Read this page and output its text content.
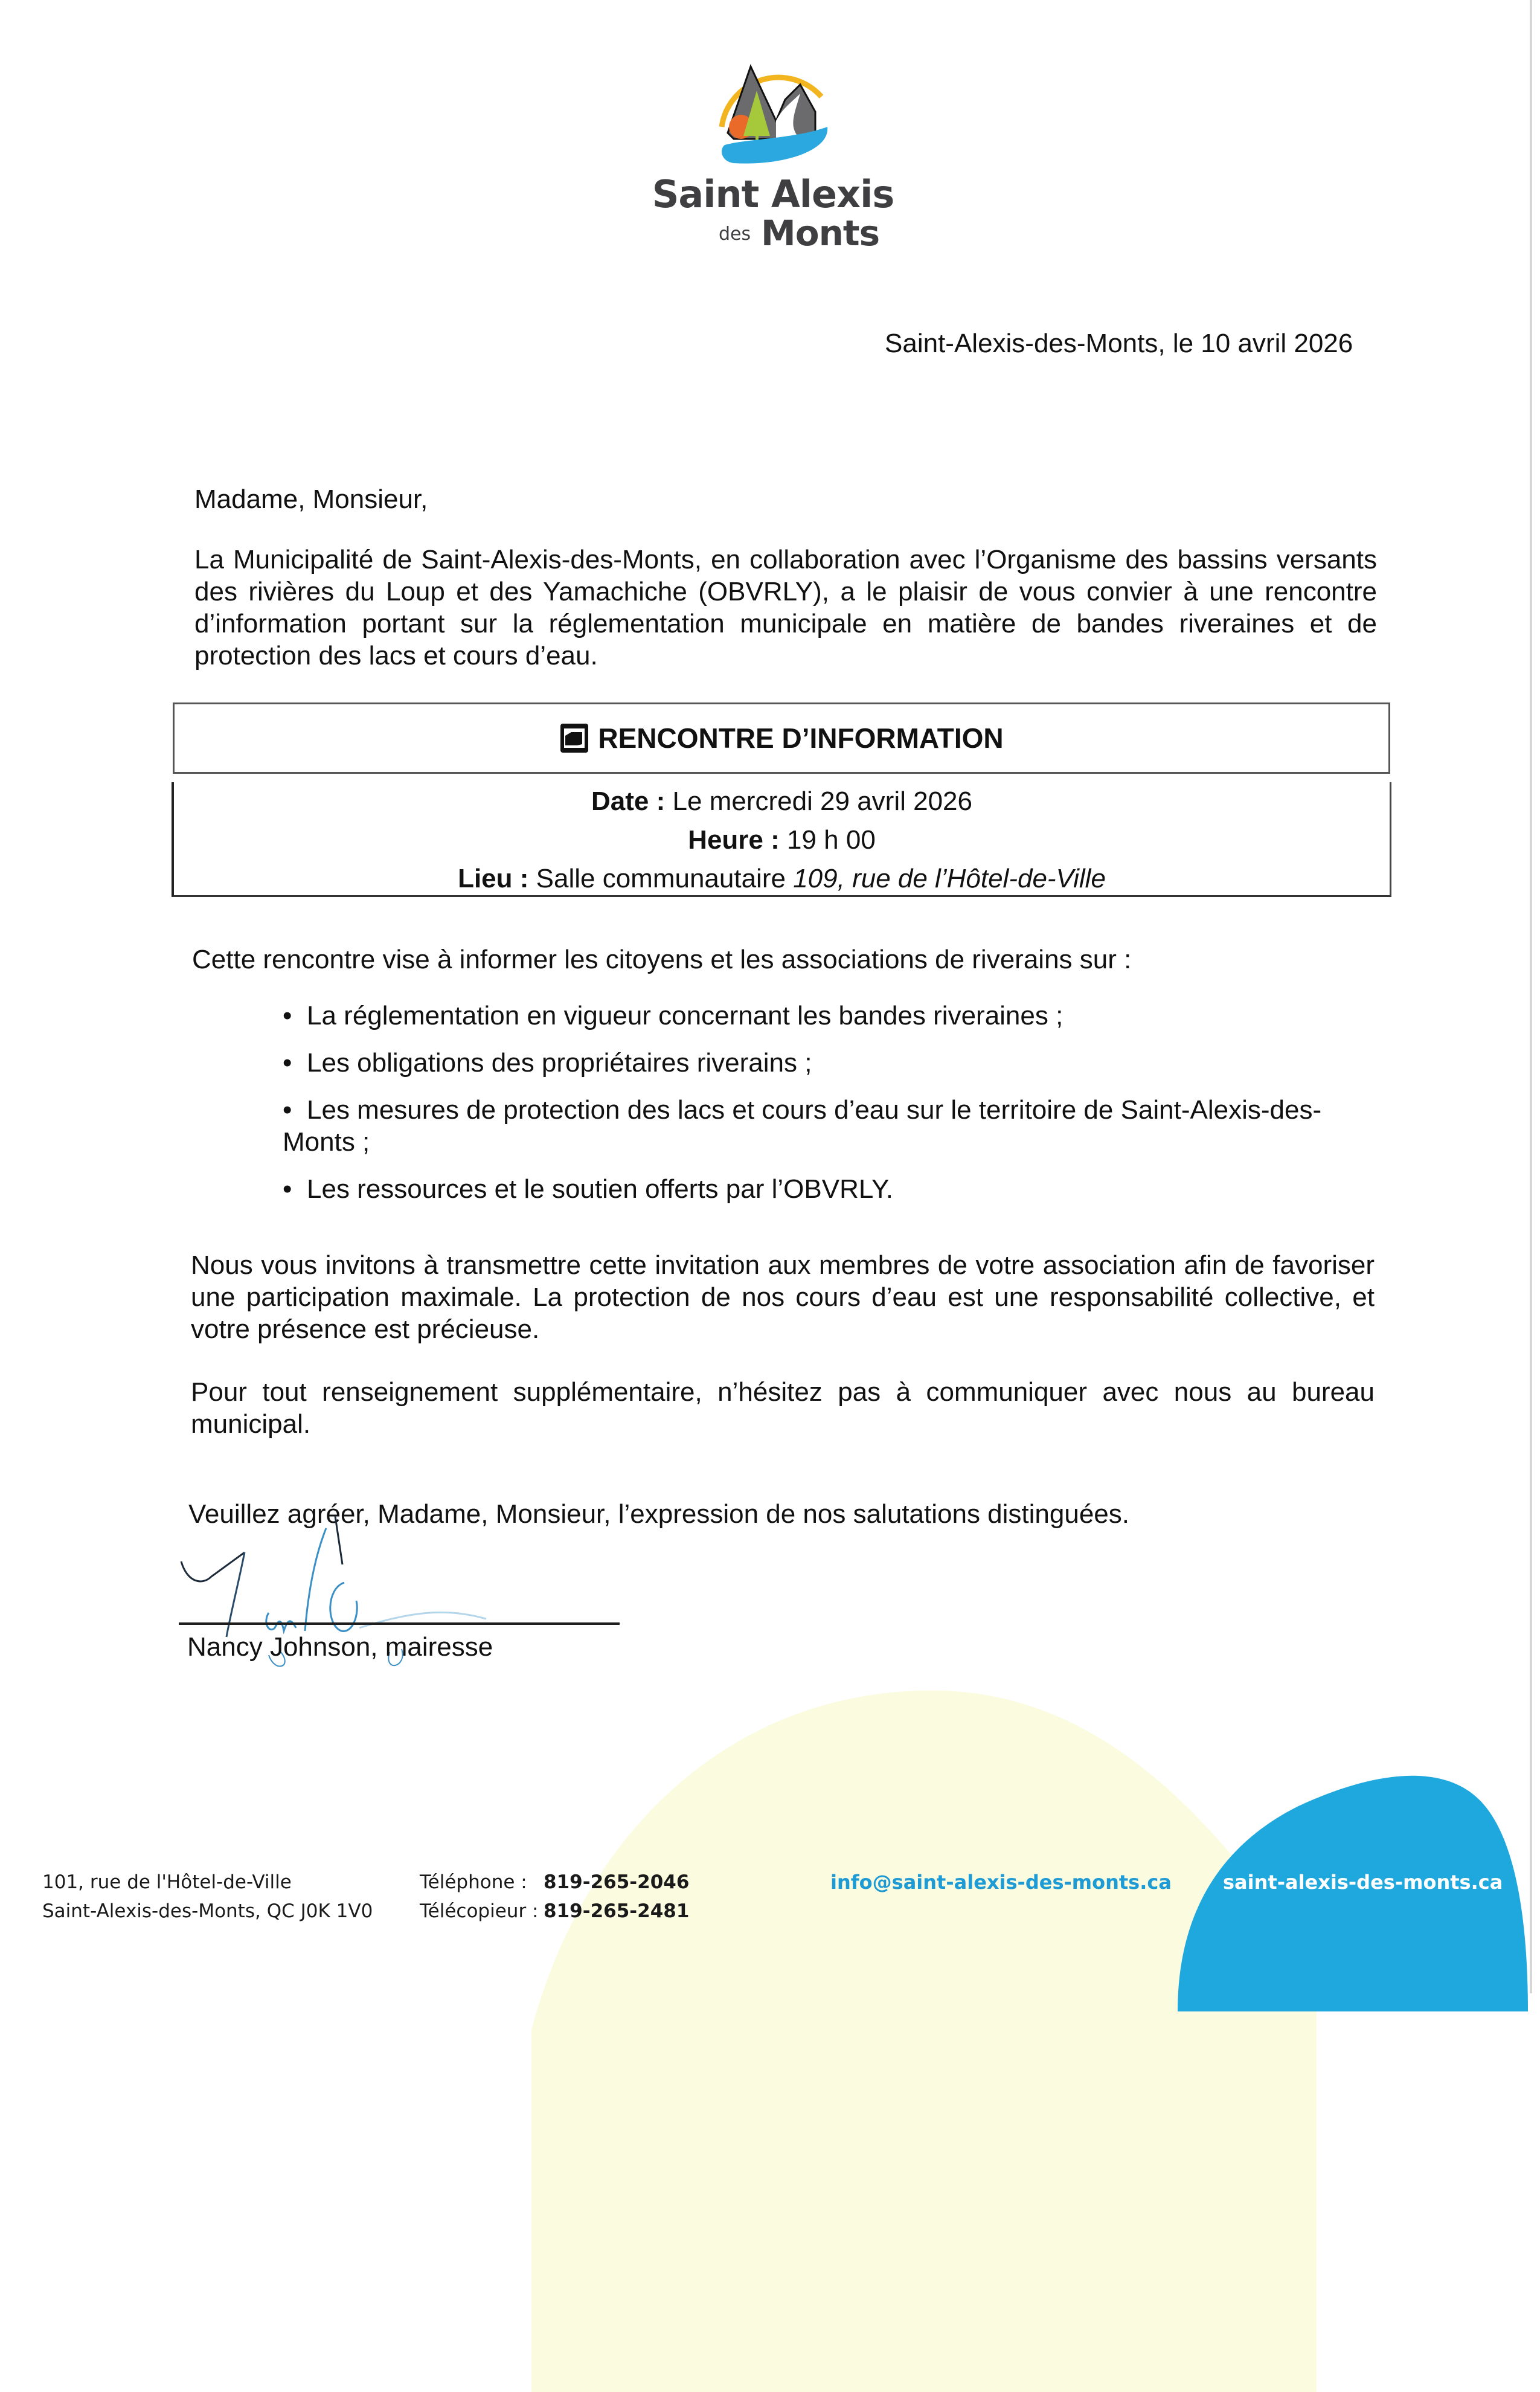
Saint Alexis
des Monts
Saint-Alexis-des-Monts, le 10 avril 2026
Madame, Monsieur,
La Municipalité de Saint-Alexis-des-Monts, en collaboration avec l’Organisme des bassins versants des rivières du Loup et des Yamachiche (OBVRLY), a le plaisir de vous convier à une rencontre d’information portant sur la réglementation municipale en matière de bandes riveraines et de protection des lacs et cours d’eau.
RENCONTRE D’INFORMATION
Date : Le mercredi 29 avril 2026
Heure : 19 h 00
Lieu : Salle communautaire 109, rue de l’Hôtel-de-Ville
Cette rencontre vise à informer les citoyens et les associations de riverains sur :
• La réglementation en vigueur concernant les bandes riveraines ;
• Les obligations des propriétaires riverains ;
• Les mesures de protection des lacs et cours d’eau sur le territoire de Saint-Alexis-des-Monts ;
• Les ressources et le soutien offerts par l’OBVRLY.
Nous vous invitons à transmettre cette invitation aux membres de votre association afin de favoriser une participation maximale. La protection de nos cours d’eau est une responsabilité collective, et votre présence est précieuse.
Pour tout renseignement supplémentaire, n’hésitez pas à communiquer avec nous au bureau municipal.
Veuillez agréer, Madame, Monsieur, l’expression de nos salutations distinguées.
Nancy Johnson, mairesse
101, rue de l'Hôtel-de-Ville
Saint-Alexis-des-Monts, QC J0K 1V0
Téléphone : 819-265-2046
Télécopieur : 819-265-2481
info@saint-alexis-des-monts.ca	saint-alexis-des-monts.ca
